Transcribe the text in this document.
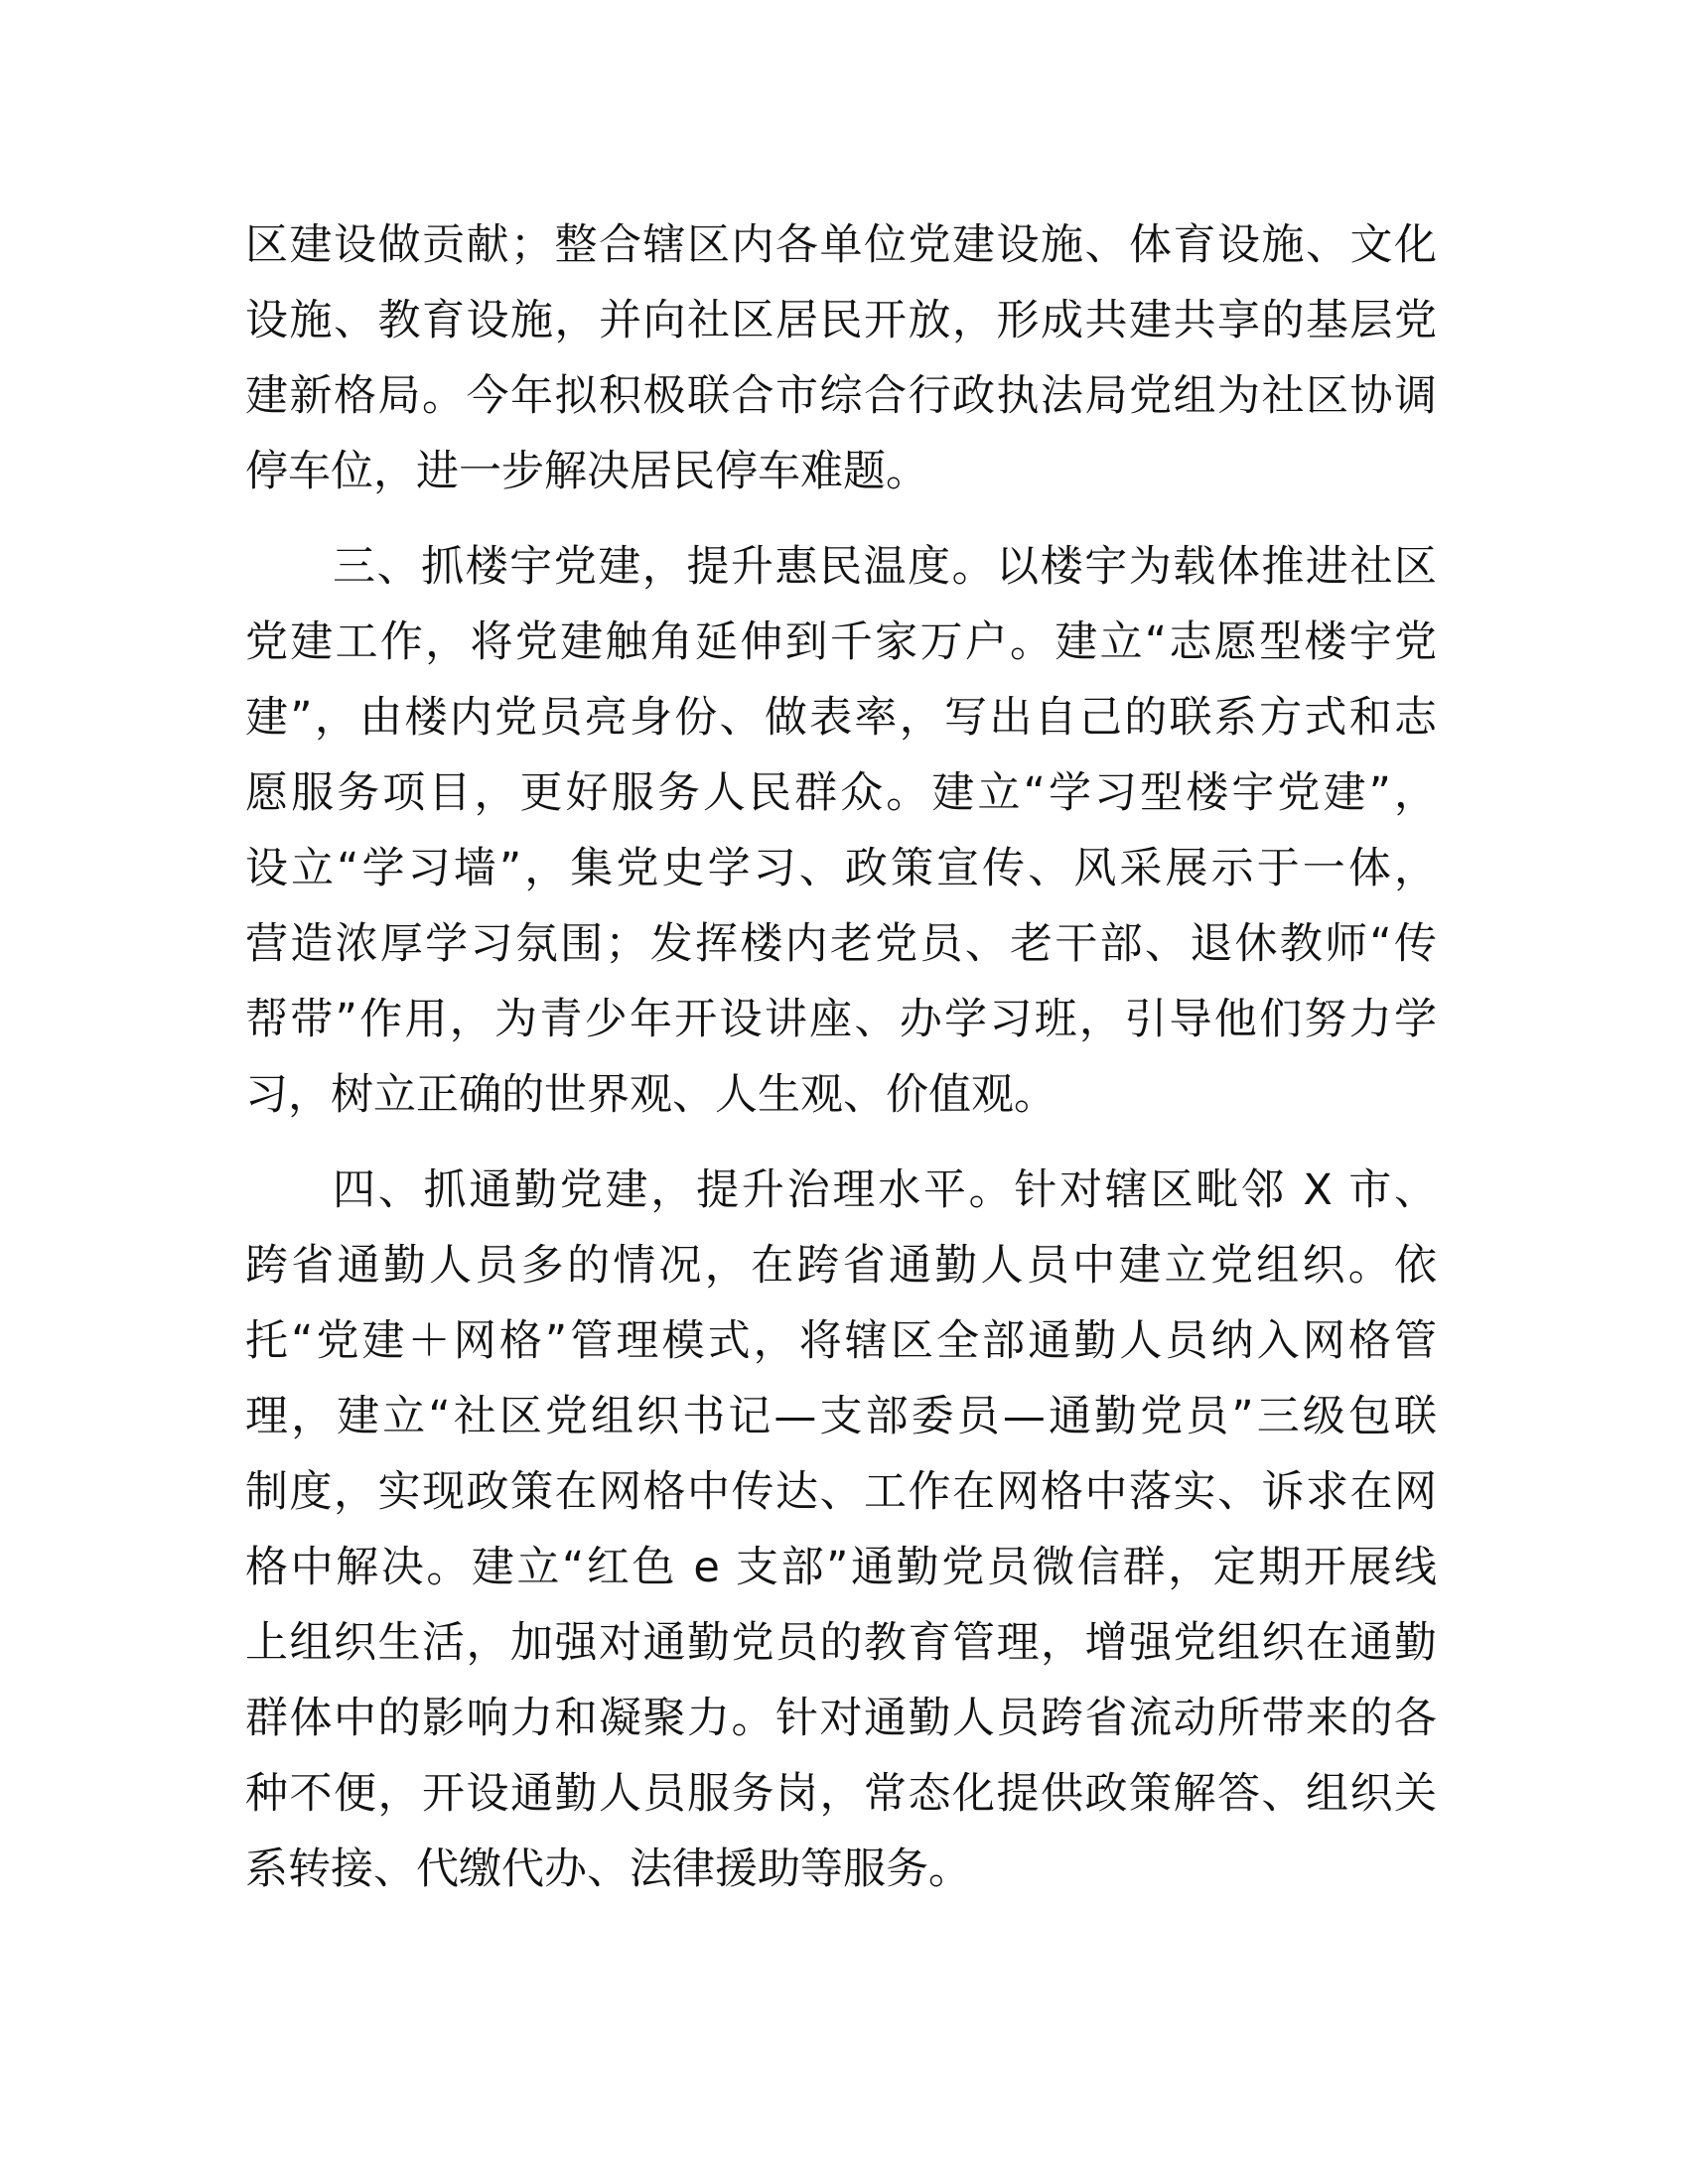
区建设做贡献；整合辖区内各单位党建设施、体育设施、文化
设施、教育设施，并向社区居民开放，形成共建共享的基层党
建新格局。今年拟积极联合市综合行政执法局党组为社区协调
停车位，进一步解决居民停车难题。
三、抓楼宇党建，提升惠民温度。以楼宇为载体推进社区
党建工作，将党建触角延伸到千家万户。建立“志愿型楼宇党
建”，由楼内党员亮身份、做表率，写出自己的联系方式和志
愿服务项目，更好服务人民群众。建立“学习型楼宇党建”，
设立“学习墙”，集党史学习、政策宣传、风采展示于一体，
营造浓厚学习氛围；发挥楼内老党员、老干部、退休教师“传
帮带”作用，为青少年开设讲座、办学习班，引导他们努力学
习，树立正确的世界观、人生观、价值观。
四、抓通勤党建，提升治理水平。针对辖区毗邻 X 市、
跨省通勤人员多的情况，在跨省通勤人员中建立党组织。依
托“党建＋网格”管理模式，将辖区全部通勤人员纳入网格管
理，建立“社区党组织书记—支部委员—通勤党员”三级包联
制度，实现政策在网格中传达、工作在网格中落实、诉求在网
格中解决。建立“红色 e 支部”通勤党员微信群，定期开展线
上组织生活，加强对通勤党员的教育管理，增强党组织在通勤
群体中的影响力和凝聚力。针对通勤人员跨省流动所带来的各
种不便，开设通勤人员服务岗，常态化提供政策解答、组织关
系转接、代缴代办、法律援助等服务。
